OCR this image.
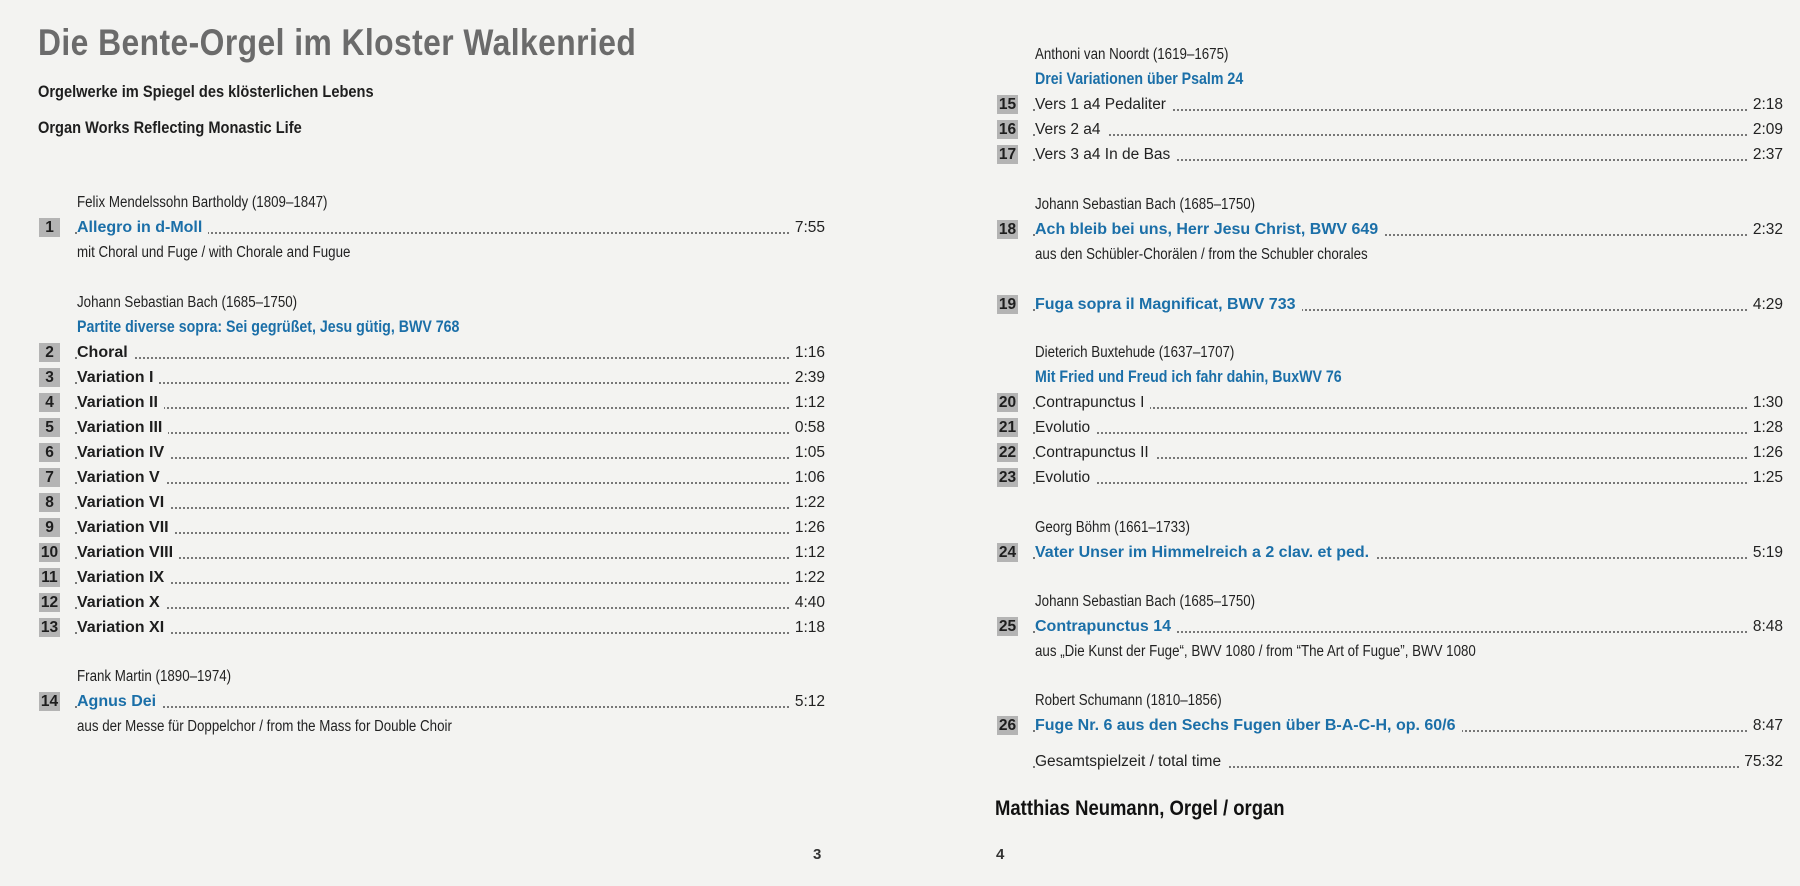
Die Bente-Orgel im Kloster Walkenried
Orgelwerke im Spiegel des klösterlichen Lebens
Organ Works Reflecting Monastic Life
Felix Mendelssohn Bartholdy (1809–1847)
1	Allegro in d-Moll	7:55
mit Choral und Fuge / with Chorale and Fugue
Johann Sebastian Bach (1685–1750)
Partite diverse sopra: Sei gegrüßet, Jesu gütig, BWV 768
2	Choral	1:16
3	Variation I	2:39
4	Variation II	1:12
5	Variation III	0:58
6	Variation IV	1:05
7	Variation V	1:06
8	Variation VI	1:22
9	Variation VII	1:26
10 Variation VIII	1:12
11 Variation IX	1:22
12 Variation X	4:40
13 Variation XI	1:18
Frank Martin (1890–1974)
14 Agnus Dei	5:12
aus der Messe für Doppelchor / from the Mass for Double Choir
3
Anthoni van Noordt (1619–1675)
Drei Variationen über Psalm 24
15 Vers 1 a4 Pedaliter	2:18
16 Vers 2 a4	2:09
17 Vers 3 a4 In de Bas	2:37
Johann Sebastian Bach (1685–1750)
18 Ach bleib bei uns, Herr Jesu Christ, BWV 649	2:32
aus den Schübler-Chorälen / from the Schubler chorales
19 Fuga sopra il Magnificat, BWV 733	4:29
Dieterich Buxtehude (1637–1707)
Mit Fried und Freud ich fahr dahin, BuxWV 76
20 Contrapunctus I	1:30
21 Evolutio	1:28
22 Contrapunctus II	1:26
23 Evolutio	1:25
Georg Böhm (1661–1733)
24 Vater Unser im Himmelreich a 2 clav. et ped.	5:19
Johann Sebastian Bach (1685–1750)
25 Contrapunctus 14	8:48
aus „Die Kunst der Fuge“, BWV 1080 / from “The Art of Fugue”, BWV 1080
Robert Schumann (1810–1856)
26 Fuge Nr. 6 aus den Sechs Fugen über B-A-C-H, op. 60/6	8:47
Gesamtspielzeit / total time	75:32
4
Matthias Neumann, Orgel / organ
